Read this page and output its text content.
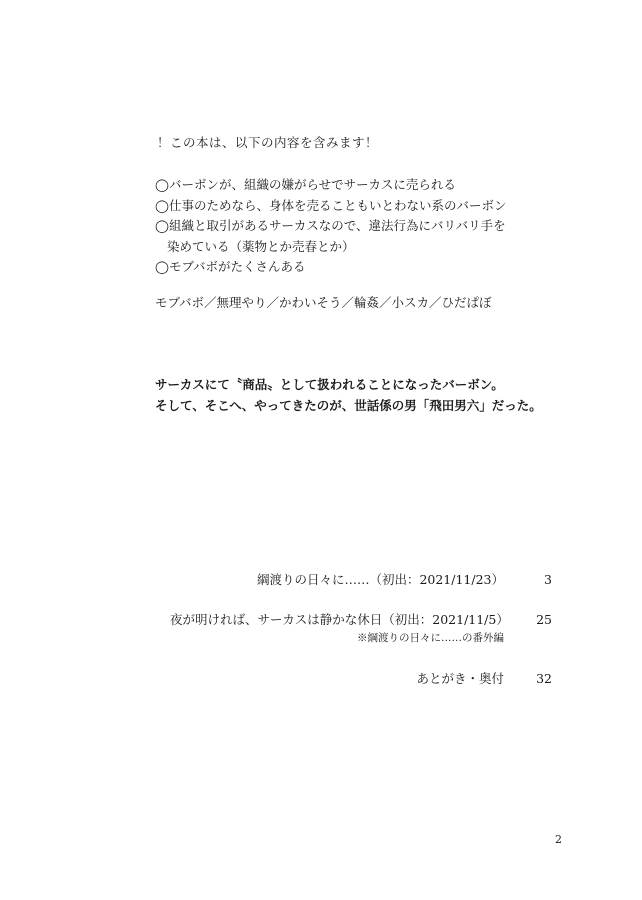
！この本は、以下の内容を含みます！
◯バーボンが、組織の嫌がらせでサーカスに売られる
◯仕事のためなら、身体を売ることもいとわない系のバーボン
◯組織と取引があるサーカスなので、違法行為にバリバリ手を
染めている（薬物とか売春とか）
◯モブバボがたくさんある
モブバボ／無理やり／かわいそう／輪姦／小スカ／ひだぱぼ
サーカスにて〝商品〟として扱われることになったバーボン。
そして、そこへ、やってきたのが、世話係の男「飛田男六」だった。
綱渡りの日々に……（初出：2021/11/23）	3
夜が明ければ、サーカスは静かな休日（初出：2021/11/5）	25
※綱渡りの日々に……の番外編
あとがき・奥付	32
2
